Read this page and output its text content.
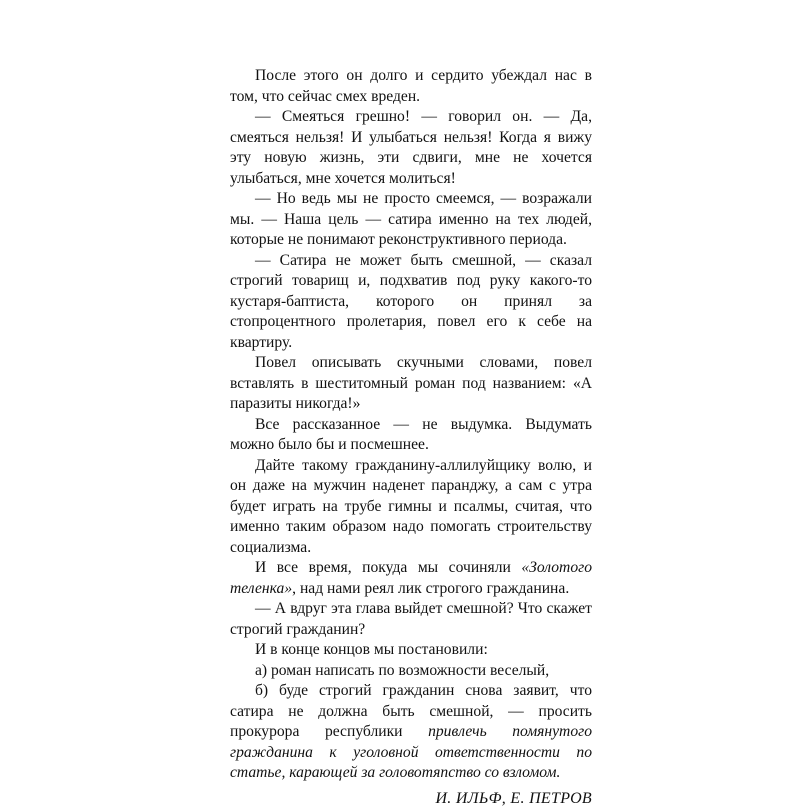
После этого он долго и сердито убеждал нас в том, что сейчас смех вреден.

— Смеяться грешно! — говорил он. — Да, смеяться нельзя! И улыбаться нельзя! Когда я вижу эту новую жизнь, эти сдвиги, мне не хочется улыбаться, мне хочется молиться!

— Но ведь мы не просто смеемся, — возражали мы. — Наша цель — сатира именно на тех людей, которые не понимают реконструктивного периода.

— Сатира не может быть смешной, — сказал строгий товарищ и, подхватив под руку какого-то кустаря-баптиста, которого он принял за стопроцентного пролетария, повел его к себе на квартиру.

Повел описывать скучными словами, повел вставлять в шеститомный роман под названием: «А паразиты никогда!»

Все рассказанное — не выдумка. Выдумать можно было бы и посмешнее.

Дайте такому гражданину-аллилуйщику волю, и он даже на мужчин наденет паранджу, а сам с утра будет играть на трубе гимны и псалмы, считая, что именно таким образом надо помогать строительству социализма.

И все время, покуда мы сочиняли «Золотого теленка», над нами реял лик строгого гражданина.

— А вдруг эта глава выйдет смешной? Что скажет строгий гражданин?

И в конце концов мы постановили:

а) роман написать по возможности веселый,

б) буде строгий гражданин снова заявит, что сатира не должна быть смешной, — просить прокурора республики привлечь помянутого гражданина к уголовной ответственности по статье, карающей за головотяпство со взломом.

И. ИЛЬФ, Е. ПЕТРОВ
